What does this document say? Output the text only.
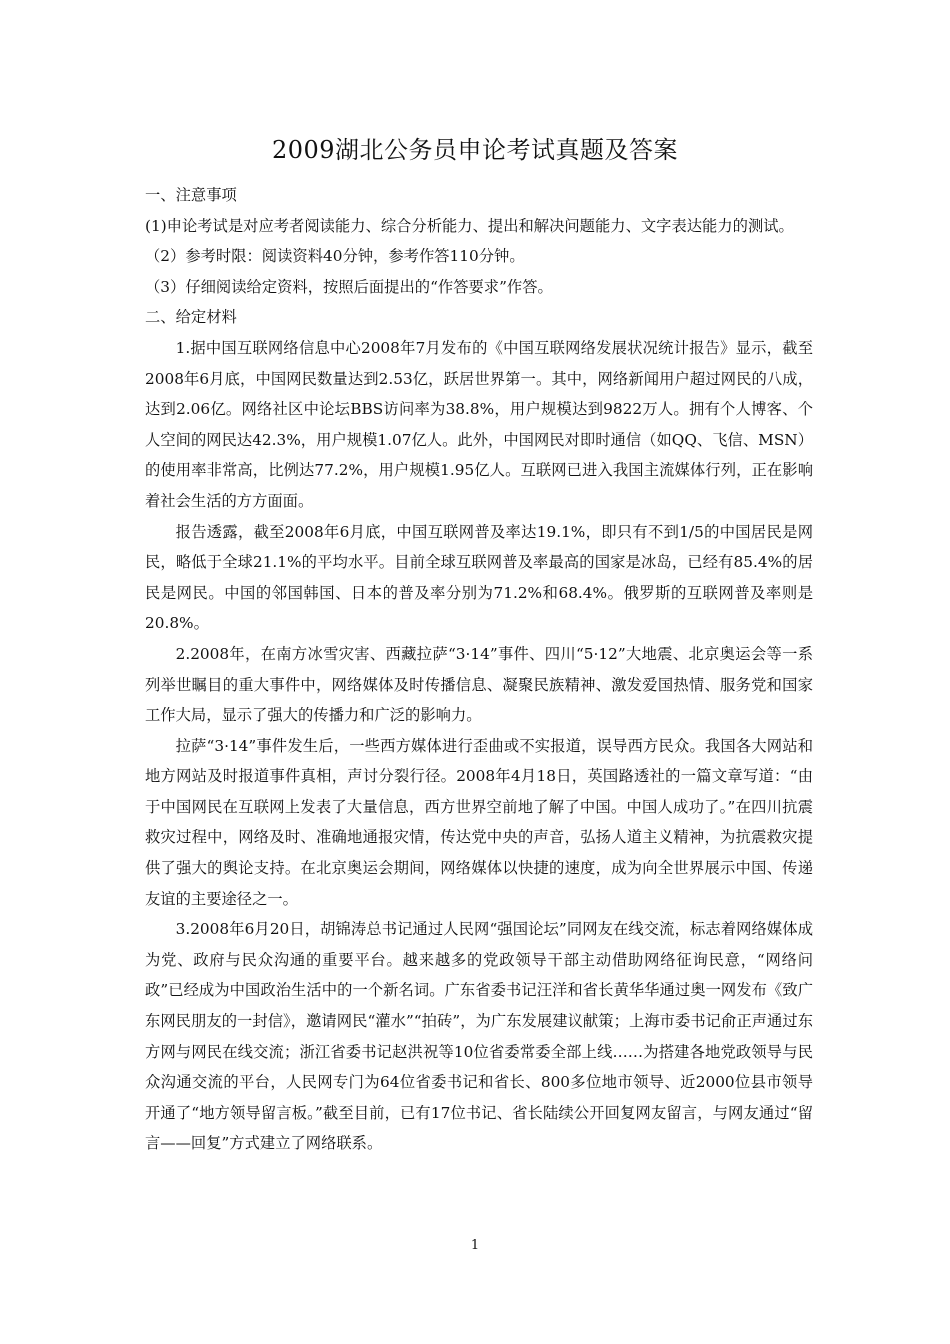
2009湖北公务员申论考试真题及答案

一、注意事项

(1)申论考试是对应考者阅读能力、综合分析能力、提出和解决问题能力、文字表达能力的测试。

（2）参考时限：阅读资料40分钟，参考作答110分钟。

（3）仔细阅读给定资料，按照后面提出的“作答要求”作答。

二、给定材料

1.据中国互联网络信息中心2008年7月发布的《中国互联网络发展状况统计报告》显示，截至2008年6月底，中国网民数量达到2.53亿，跃居世界第一。其中，网络新闻用户超过网民的八成，达到2.06亿。网络社区中论坛BBS访问率为38.8%，用户规模达到9822万人。拥有个人博客、个人空间的网民达42.3%，用户规模1.07亿人。此外，中国网民对即时通信（如QQ、飞信、MSN）的使用率非常高，比例达77.2%，用户规模1.95亿人。互联网已进入我国主流媒体行列，正在影响着社会生活的方方面面。

报告透露，截至2008年6月底，中国互联网普及率达19.1%，即只有不到1/5的中国居民是网民，略低于全球21.1%的平均水平。目前全球互联网普及率最高的国家是冰岛，已经有85.4%的居民是网民。中国的邻国韩国、日本的普及率分别为71.2%和68.4%。俄罗斯的互联网普及率则是20.8%。

2.2008年，在南方冰雪灾害、西藏拉萨“3·14”事件、四川“5·12”大地震、北京奥运会等一系列举世瞩目的重大事件中，网络媒体及时传播信息、凝聚民族精神、激发爱国热情、服务党和国家工作大局，显示了强大的传播力和广泛的影响力。

拉萨“3·14”事件发生后，一些西方媒体进行歪曲或不实报道，误导西方民众。我国各大网站和地方网站及时报道事件真相，声讨分裂行径。2008年4月18日，英国路透社的一篇文章写道：“由于中国网民在互联网上发表了大量信息，西方世界空前地了解了中国。中国人成功了。”在四川抗震救灾过程中，网络及时、准确地通报灾情，传达党中央的声音，弘扬人道主义精神，为抗震救灾提供了强大的舆论支持。在北京奥运会期间，网络媒体以快捷的速度，成为向全世界展示中国、传递友谊的主要途径之一。

3.2008年6月20日，胡锦涛总书记通过人民网“强国论坛”同网友在线交流，标志着网络媒体成为党、政府与民众沟通的重要平台。越来越多的党政领导干部主动借助网络征询民意，“网络问政”已经成为中国政治生活中的一个新名词。广东省委书记汪洋和省长黄华华通过奥一网发布《致广东网民朋友的一封信》，邀请网民“灌水”“拍砖”，为广东发展建议献策；上海市委书记俞正声通过东方网与网民在线交流；浙江省委书记赵洪祝等10位省委常委全部上线……为搭建各地党政领导与民众沟通交流的平台，人民网专门为64位省委书记和省长、800多位地市领导、近2000位县市领导开通了“地方领导留言板。”截至目前，已有17位书记、省长陆续公开回复网友留言，与网友通过“留言——回复”方式建立了网络联系。

1
